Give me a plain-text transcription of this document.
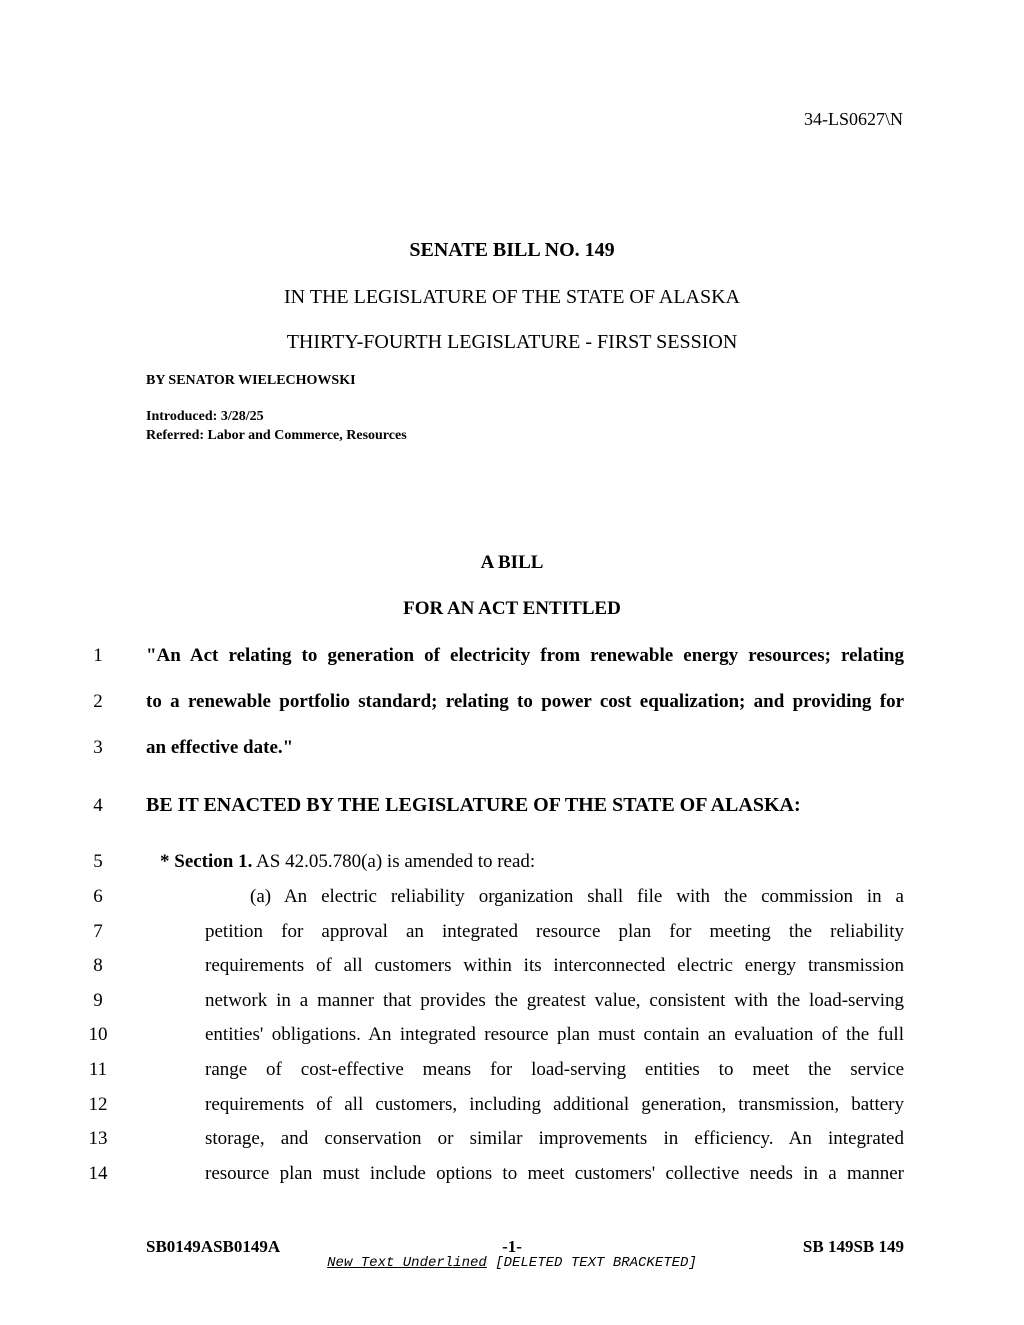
34-LS0627\N
SENATE BILL NO. 149
IN THE LEGISLATURE OF THE STATE OF ALASKA
THIRTY-FOURTH LEGISLATURE - FIRST SESSION
BY SENATOR WIELECHOWSKI
Introduced: 3/28/25
Referred: Labor and Commerce, Resources
A BILL
FOR AN ACT ENTITLED
1	"An Act relating to generation of electricity from renewable energy resources; relating
2	to a renewable portfolio standard; relating to power cost equalization; and providing for
3	an effective date."
4	BE IT ENACTED BY THE LEGISLATURE OF THE STATE OF ALASKA:
5	* Section 1. AS 42.05.780(a) is amended to read:
6	(a) An electric reliability organization shall file with the commission in a
7	petition for approval an integrated resource plan for meeting the reliability
8	requirements of all customers within its interconnected electric energy transmission
9	network in a manner that provides the greatest value, consistent with the load-serving
10	entities' obligations. An integrated resource plan must contain an evaluation of the full
11	range of cost-effective means for load-serving entities to meet the service
12	requirements of all customers, including additional generation, transmission, battery
13	storage, and conservation or similar improvements in efficiency. An integrated
14	resource plan must include options to meet customers' collective needs in a manner
SB0149ASB0149A	-1-	SB 149SB 149
New Text Underlined [DELETED TEXT BRACKETED]
